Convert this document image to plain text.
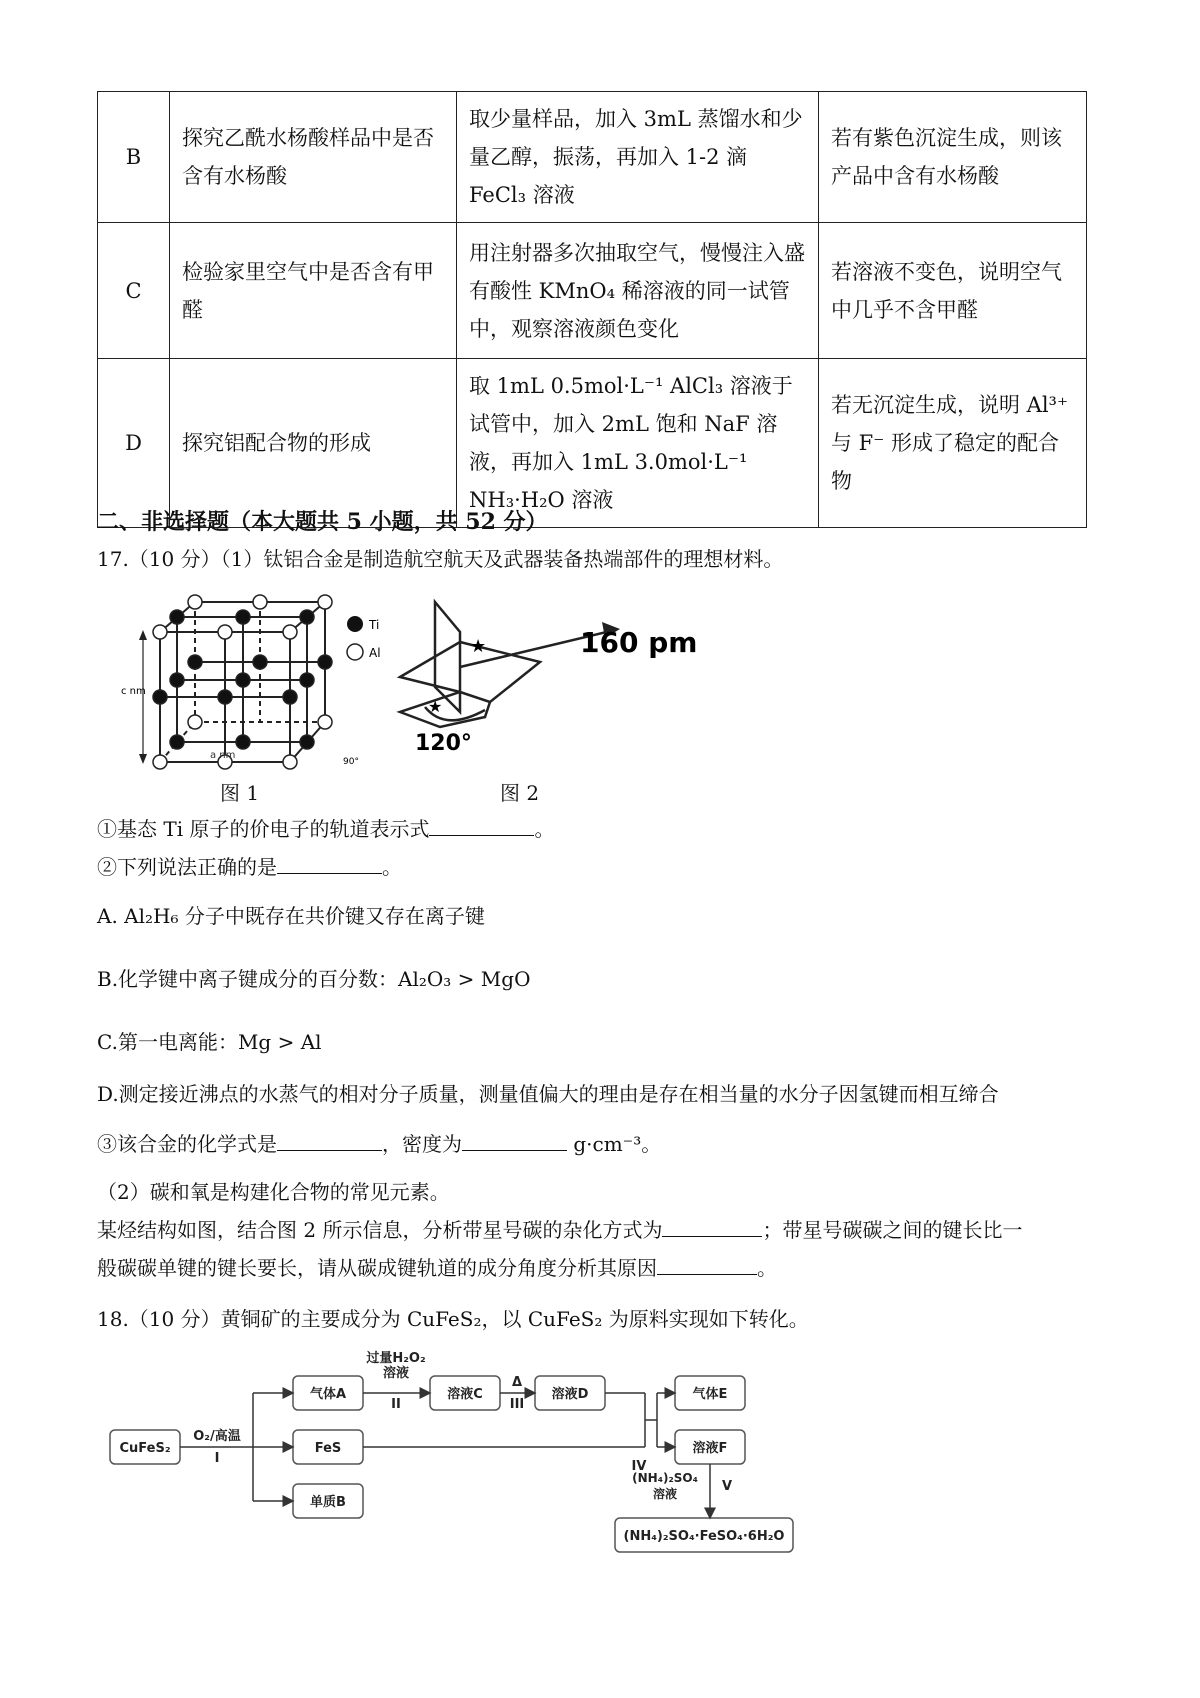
B	探究乙酰水杨酸样品中是否含有水杨酸	取少量样品，加入 3mL 蒸馏水和少量乙醇，振荡，再加入 1-2 滴 FeCl₃ 溶液	若有紫色沉淀生成，则该产品中含有水杨酸
C	检验家里空气中是否含有甲醛	用注射器多次抽取空气，慢慢注入盛有酸性 KMnO₄ 稀溶液的同一试管中，观察溶液颜色变化	若溶液不变色，说明空气中几乎不含甲醛
D	探究铝配合物的形成	取 1mL 0.5mol·L⁻¹ AlCl₃ 溶液于试管中，加入 2mL 饱和 NaF 溶液，再加入 1mL 3.0mol·L⁻¹ NH₃·H₂O 溶液	若无沉淀生成，说明 Al³⁺ 与 F⁻ 形成了稳定的配合物
二、非选择题（本大题共 5 小题，共 52 分）
17.（10 分）（1）钛铝合金是制造航空航天及武器装备热端部件的理想材料。
c nm
a nm
90°
Ti
Al	★
★
160 pm
120°
图 1	图 2
①基态 Ti 原子的价电子的轨道表示式	。
②下列说法正确的是	。
A. Al₂H₆ 分子中既存在共价键又存在离子键
B.化学键中离子键成分的百分数：Al₂O₃ > MgO
C.第一电离能：Mg > Al
D.测定接近沸点的水蒸气的相对分子质量，测量值偏大的理由是存在相当量的水分子因氢键而相互缔合
③该合金的化学式是	，密度为	g·cm⁻³。
（2）碳和氧是构建化合物的常见元素。
某烃结构如图，结合图 2 所示信息，分析带星号碳的杂化方式为	；带星号碳碳之间的键长比一
般碳碳单键的键长要长，请从碳成键轨道的成分角度分析其原因	。
18.（10 分）黄铜矿的主要成分为 CuFeS₂，以 CuFeS₂ 为原料实现如下转化。
CuFeS₂
O₂/高温
I
气体A
FeS
单质B
过量H₂O₂
溶液
II
溶液C
Δ
III
溶液D
IV
气体E
溶液F
(NH₄)₂SO₄
溶液	V
(NH₄)₂SO₄·FeSO₄·6H₂O
